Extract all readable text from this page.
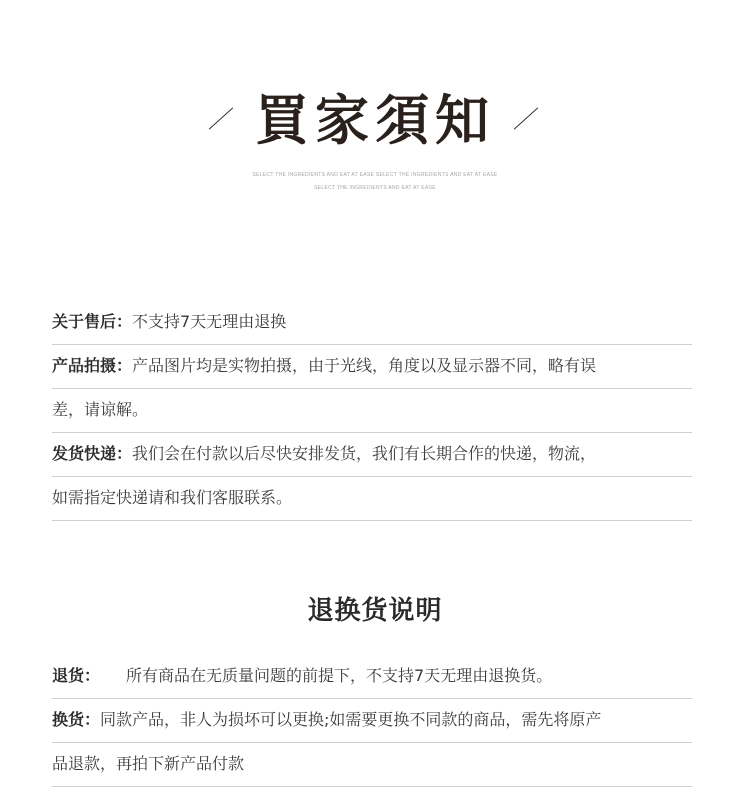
買家須知
SELECT THE INGREDIENTS AND EAT AT EASE SELECT THE INGREDIENTS AND EAT AT EASE
SELECT THE INGREDIENTS AND EAT AT EASE
关于售后：不支持7天无理由退换
产品拍摄：产品图片均是实物拍摄，由于光线，角度以及显示器不同，略有误
差，请谅解。
发货快递：我们会在付款以后尽快安排发货，我们有长期合作的快递，物流，
如需指定快递请和我们客服联系。
退换货说明
退货： 所有商品在无质量问题的前提下，不支持7天无理由退换货。
换货：同款产品，非人为损坏可以更换;如需要更换不同款的商品，需先将原产
品退款，再拍下新产品付款
